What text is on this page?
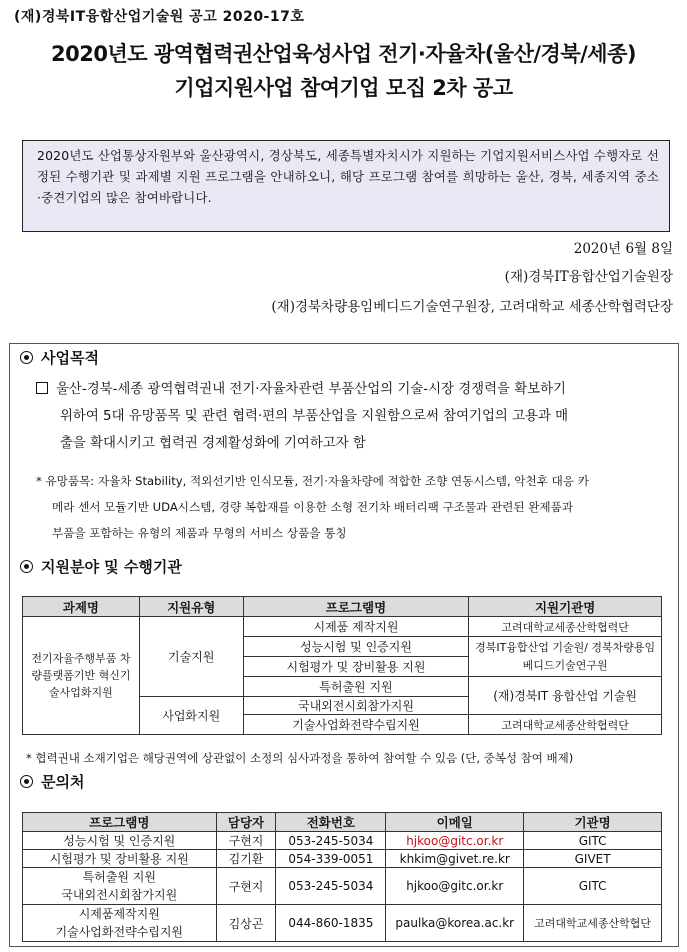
(재)경북IT융합산업기술원 공고 2020-17호
2020년도 광역협력권산업육성사업 전기·자율차(울산/경북/세종)
기업지원사업 참여기업 모집 2차 공고
2020년도 산업통상자원부와 울산광역시, 경상북도, 세종특별자치시가 지원하는 기업지원서비스사업 수행자로 선정된 수행기관 및 과제별 지원 프로그램을 안내하오니, 해당 프로그램 참여를 희망하는 울산, 경북, 세종지역 중소·중견기업의 많은 참여바랍니다.
2020년 6월 8일
(재)경북IT융합산업기술원장
(재)경북차량용임베디드기술연구원장, 고려대학교 세종산학협력단장
사업목적
울산-경북-세종 광역협력권내 전기·자율차관련 부품산업의 기술-시장 경쟁력을 확보하기
위하여 5대 유망품목 및 관련 협력·편의 부품산업을 지원함으로써 참여기업의 고용과 매
출을 확대시키고 협력권 경제활성화에 기여하고자 함
* 유망품목: 자율차 Stability, 적외선기반 인식모듈, 전기·자율차량에 적합한 조향 연동시스템, 악천후 대응 카
메라 센서 모듈기반 UDA시스템, 경량 복합재를 이용한 소형 전기차 배터리팩 구조물과 관련된 완제품과
부품을 포함하는 유형의 제품과 무형의 서비스 상품을 통칭
지원분야 및 수행기관
과제명	지원유형	프로그램명	지원기관명
전기자율주행부품 차량플랫폼기반 혁신기술사업화지원	기술지원	시제품 제작지원	고려대학교세종산학협력단
		성능시험 및 인증지원	경북IT융합산업 기술원/ 경북차량용임베디드기술연구원
		시험평가 및 장비활용 지원	
		특허출원 지원	(재)경북IT 융합산업 기술원
	사업화지원	국내외전시회참가지원	
		기술사업화전략수립지원	고려대학교세종산학협력단
* 협력권내 소재기업은 해당권역에 상관없이 소정의 심사과정을 통하여 참여할 수 있음 (단, 중복성 참여 배제)
문의처
프로그램명	담당자	전화번호	이메일	기관명
성능시험 및 인증지원	구현지	053-245-5034	hjkoo@gitc.or.kr	GITC
시험평가 및 장비활용 지원	김기환	054-339-0051	khkim@givet.re.kr	GIVET

특허출원 지원
국내외전시회참가지원	구현지	053-245-5034	hjkoo@gitc.or.kr	GITC

시제품제작지원
기술사업화전략수립지원	김상곤	044-860-1835	paulka@korea.ac.kr	고려대학교세종산학협단
